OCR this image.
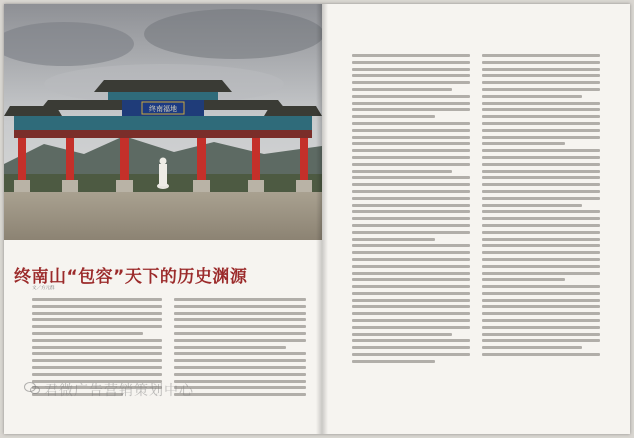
终南福地
终南山“包容”天下的历史渊源
文／方元群
君微广告营销策划中心
